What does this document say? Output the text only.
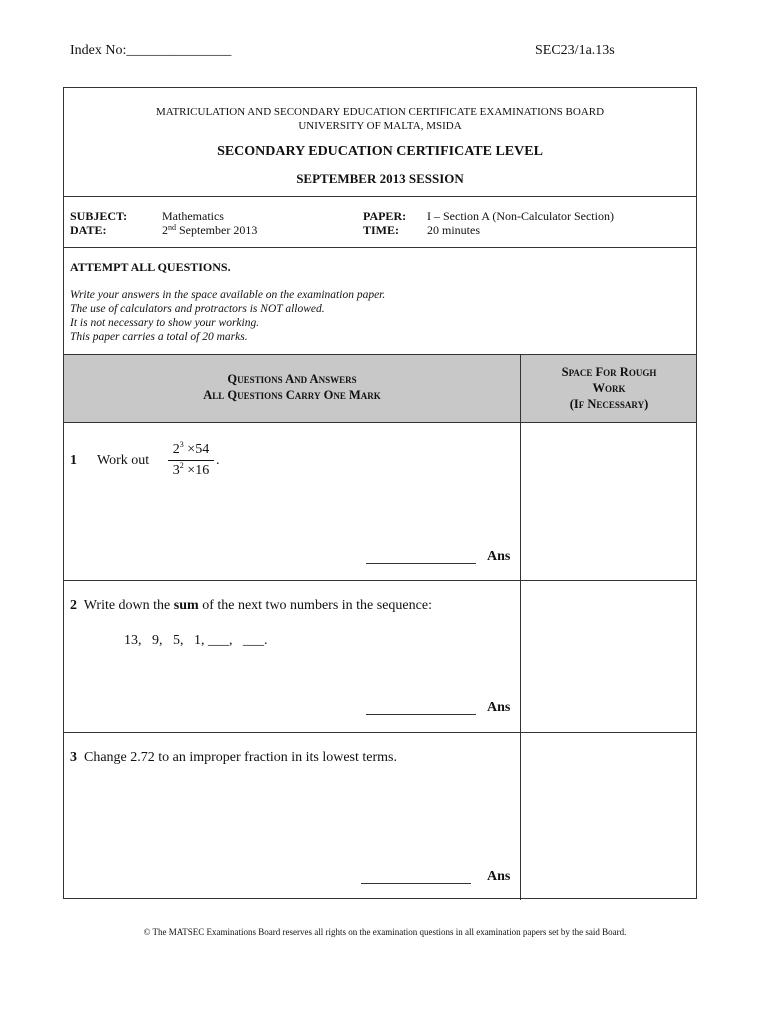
Index No:_______________	SEC23/1a.13s
MATRICULATION AND SECONDARY EDUCATION CERTIFICATE EXAMINATIONS BOARD
UNIVERSITY OF MALTA, MSIDA
SECONDARY EDUCATION CERTIFICATE LEVEL
SEPTEMBER 2013 SESSION
SUBJECT:	Mathematics
DATE:	2nd September 2013
PAPER: I – Section A (Non-Calculator Section)
TIME: 20 minutes
ATTEMPT ALL QUESTIONS.
Write your answers in the space available on the examination paper.
The use of calculators and protractors is NOT allowed.
It is not necessary to show your working.
This paper carries a total of 20 marks.
Questions And Answers
All Questions Carry One Mark
Space For Rough
Work
(If Necessary)
1 Work out
$2^3 \times 54$
$3^2 \times 16$
.
Ans
2 Write down the sum of the next two numbers in the sequence:
13,   9,   5,   1, ___,   ___.
Ans
3 Change 2.72 to an improper fraction in its lowest terms.
Ans
© The MATSEC Examinations Board reserves all rights on the examination questions in all examination papers set by the said Board.
